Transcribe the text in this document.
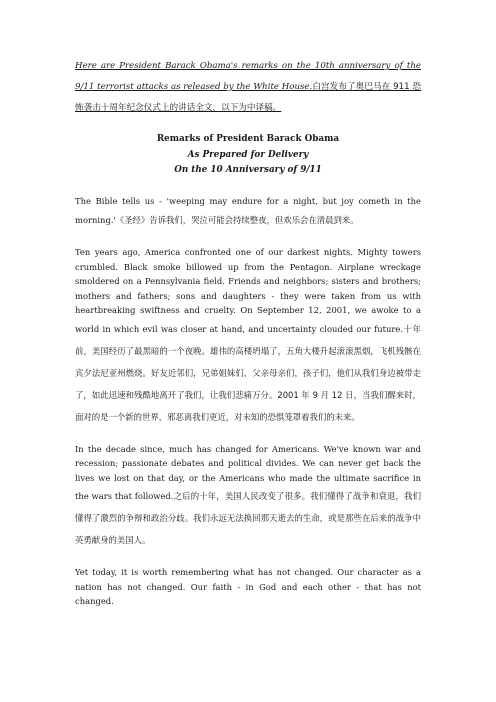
Here are President Barack Obama's remarks on the 10th anniversary of the 9/11 terrorist attacks as released by the White House.白宫发布了奥巴马在 911 恐怖袭击十周年纪念仪式上的讲话全文，以下为中译稿。

Remarks of President Barack Obama
As Prepared for Delivery
On the 10 Anniversary of 9/11

The Bible tells us - 'weeping may endure for a night, but joy cometh in the morning.'《圣经》告诉我们，哭泣可能会持续整夜，但欢乐会在清晨到来。

Ten years ago, America confronted one of our darkest nights. Mighty towers crumbled. Black smoke billowed up from the Pentagon. Airplane wreckage smoldered on a Pennsylvania field. Friends and neighbors; sisters and brothers; mothers and fathers; sons and daughters - they were taken from us with heartbreaking swiftness and cruelty. On September 12, 2001, we awoke to a world in which evil was closer at hand, and uncertainty clouded our future.十年前，美国经历了最黑暗的一个夜晚。雄伟的高楼坍塌了，五角大楼升起滚滚黑烟，飞机残骸在宾夕法尼亚州燃烧。好友近邻们，兄弟姐妹们，父亲母亲们，孩子们，他们从我们身边被带走了，如此迅速和残酷地离开了我们，让我们悲痛万分。2001 年 9 月 12 日，当我们醒来时，面对的是一个新的世界，邪恶离我们更近，对未知的恐惧笼罩着我们的未来。

In the decade since, much has changed for Americans. We've known war and recession; passionate debates and political divides. We can never get back the lives we lost on that day, or the Americans who made the ultimate sacrifice in the wars that followed.之后的十年，美国人民改变了很多。我们懂得了战争和衰退，我们懂得了激烈的争辩和政治分歧。我们永远无法换回那天逝去的生命，或是那些在后来的战争中英勇献身的美国人。

Yet today, it is worth remembering what has not changed. Our character as a nation has not changed. Our faith - in God and each other - that has not changed.
